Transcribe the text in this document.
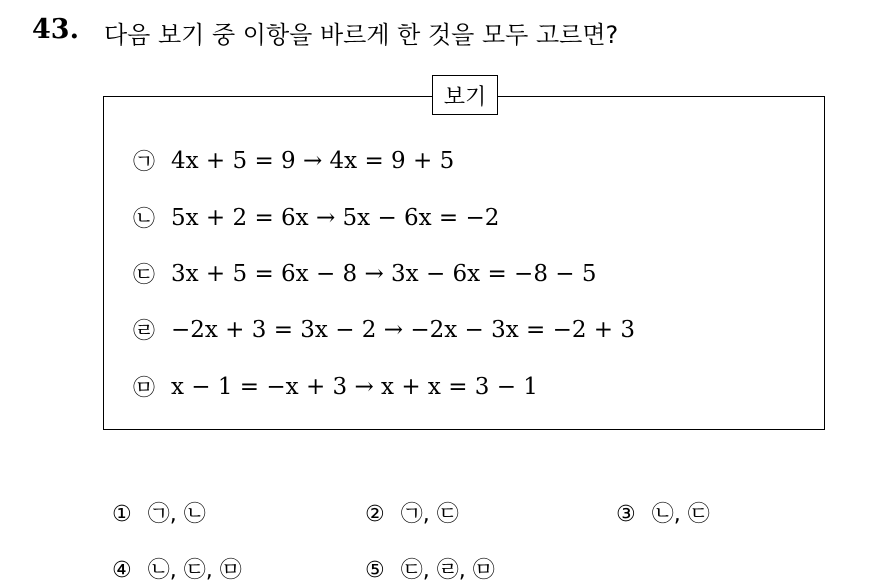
43. 다음 보기 중 이항을 바르게 한 것을 모두 고르면?
보기
㉠ 4x + 5 = 9 → 4x = 9 + 5
㉡ 5x + 2 = 6x → 5x − 6x = −2
㉢ 3x + 5 = 6x − 8 → 3x − 6x = −8 − 5
㉣ −2x + 3 = 3x − 2 → −2x − 3x = −2 + 3
㉤ x − 1 = −x + 3 → x + x = 3 − 1
① ㉠, ㉡	② ㉠, ㉢	③ ㉡, ㉢
④ ㉡, ㉢, ㉤	⑤ ㉢, ㉣, ㉤
